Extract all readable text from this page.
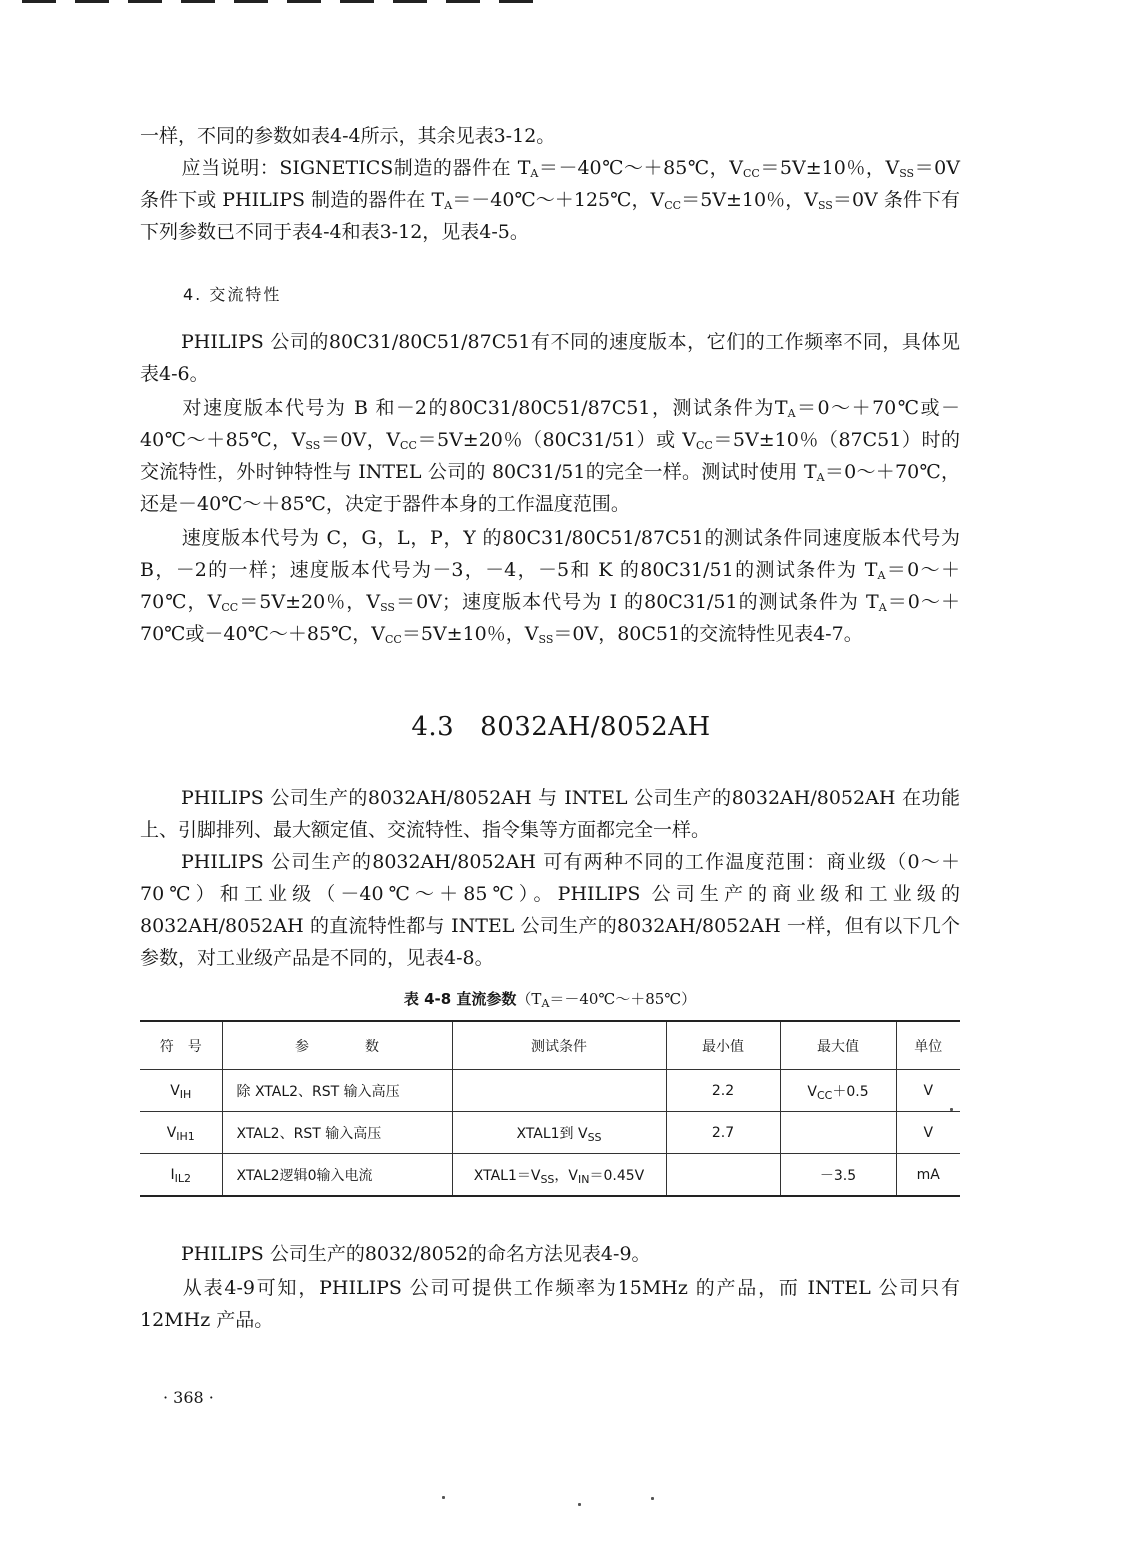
一样，不同的参数如表4-4所示，其余见表3-12。

应当说明：SIGNETICS制造的器件在 $T_A=-40℃\sim+85℃$，$V_{CC}=5V\pm 10$％，$V_{SS}=0V$ 条件下或 PHILIPS 制造的器件在 $T_A=-40℃\sim+125℃$，$V_{CC}=5V\pm 10$％，$V_{SS}=0V$ 条件下有下列参数已不同于表4-4和表3-12，见表4-5。

4. 交流特性

PHILIPS 公司的80C31/80C51/87C51有不同的速度版本，它们的工作频率不同，具体见表4-6。

对速度版本代号为 B 和－2的80C31/80C51/87C51，测试条件为$T_A=0\sim+70℃$或－40℃～＋85℃，$V_{SS}=0V$，$V_{CC}=5V\pm 20$％（80C31/51）或 $V_{CC}=5V\pm 10$％（87C51）时的交流特性，外时钟特性与 INTEL 公司的 80C31/51的完全一样。测试时使用 $T_A=0\sim+70℃$，还是－40℃～＋85℃，决定于器件本身的工作温度范围。

速度版本代号为 C，G，L，P，Y 的80C31/80C51/87C51的测试条件同速度版本代号为 B，－2的一样；速度版本代号为－3，－4，－5和 K 的80C31/51的测试条件为 $T_A=0\sim+70℃$，$V_{CC}=5V\pm 20$％，$V_{SS}=0V$；速度版本代号为 I 的80C31/51的测试条件为 $T_A=0\sim+70℃$或－40℃～＋85℃，$V_{CC}=5V\pm 10$％，$V_{SS}=0V$，80C51的交流特性见表4-7。

4.3 8032AH/8052AH

PHILIPS 公司生产的8032AH/8052AH 与 INTEL 公司生产的8032AH/8052AH 在功能上、引脚排列、最大额定值、交流特性、指令集等方面都完全一样。

PHILIPS 公司生产的8032AH/8052AH 可有两种不同的工作温度范围：商业级（0～＋70℃）和工业级（－40℃～＋85℃）。PHILIPS 公司生产的商业级和工业级的8032AH/8052AH 的直流特性都与 INTEL 公司生产的8032AH/8052AH 一样，但有以下几个参数，对工业级产品是不同的，见表4-8。

表 4-8 直流参数$(T_A=-40℃\sim+85℃)$
符　号	参　　　　数	测试条件	最小值	最大值	单位
$V_{IH}$	除 XTAL2、RST 输入高压		2.2	$V_{CC}+0.5$	V
$V_{IH1}$	XTAL2、RST 输入高压	XTAL1到 $V_{SS}$	2.7		V
$I_{IL2}$	XTAL2逻辑0输入电流	$XTAL1=V_{SS}$，$V_{IN}=0.45V$		－3.5	mA

PHILIPS 公司生产的8032/8052的命名方法见表4-9。

从表4-9可知，PHILIPS 公司可提供工作频率为15MHz 的产品，而 INTEL 公司只有12MHz 产品。

· 368 ·
